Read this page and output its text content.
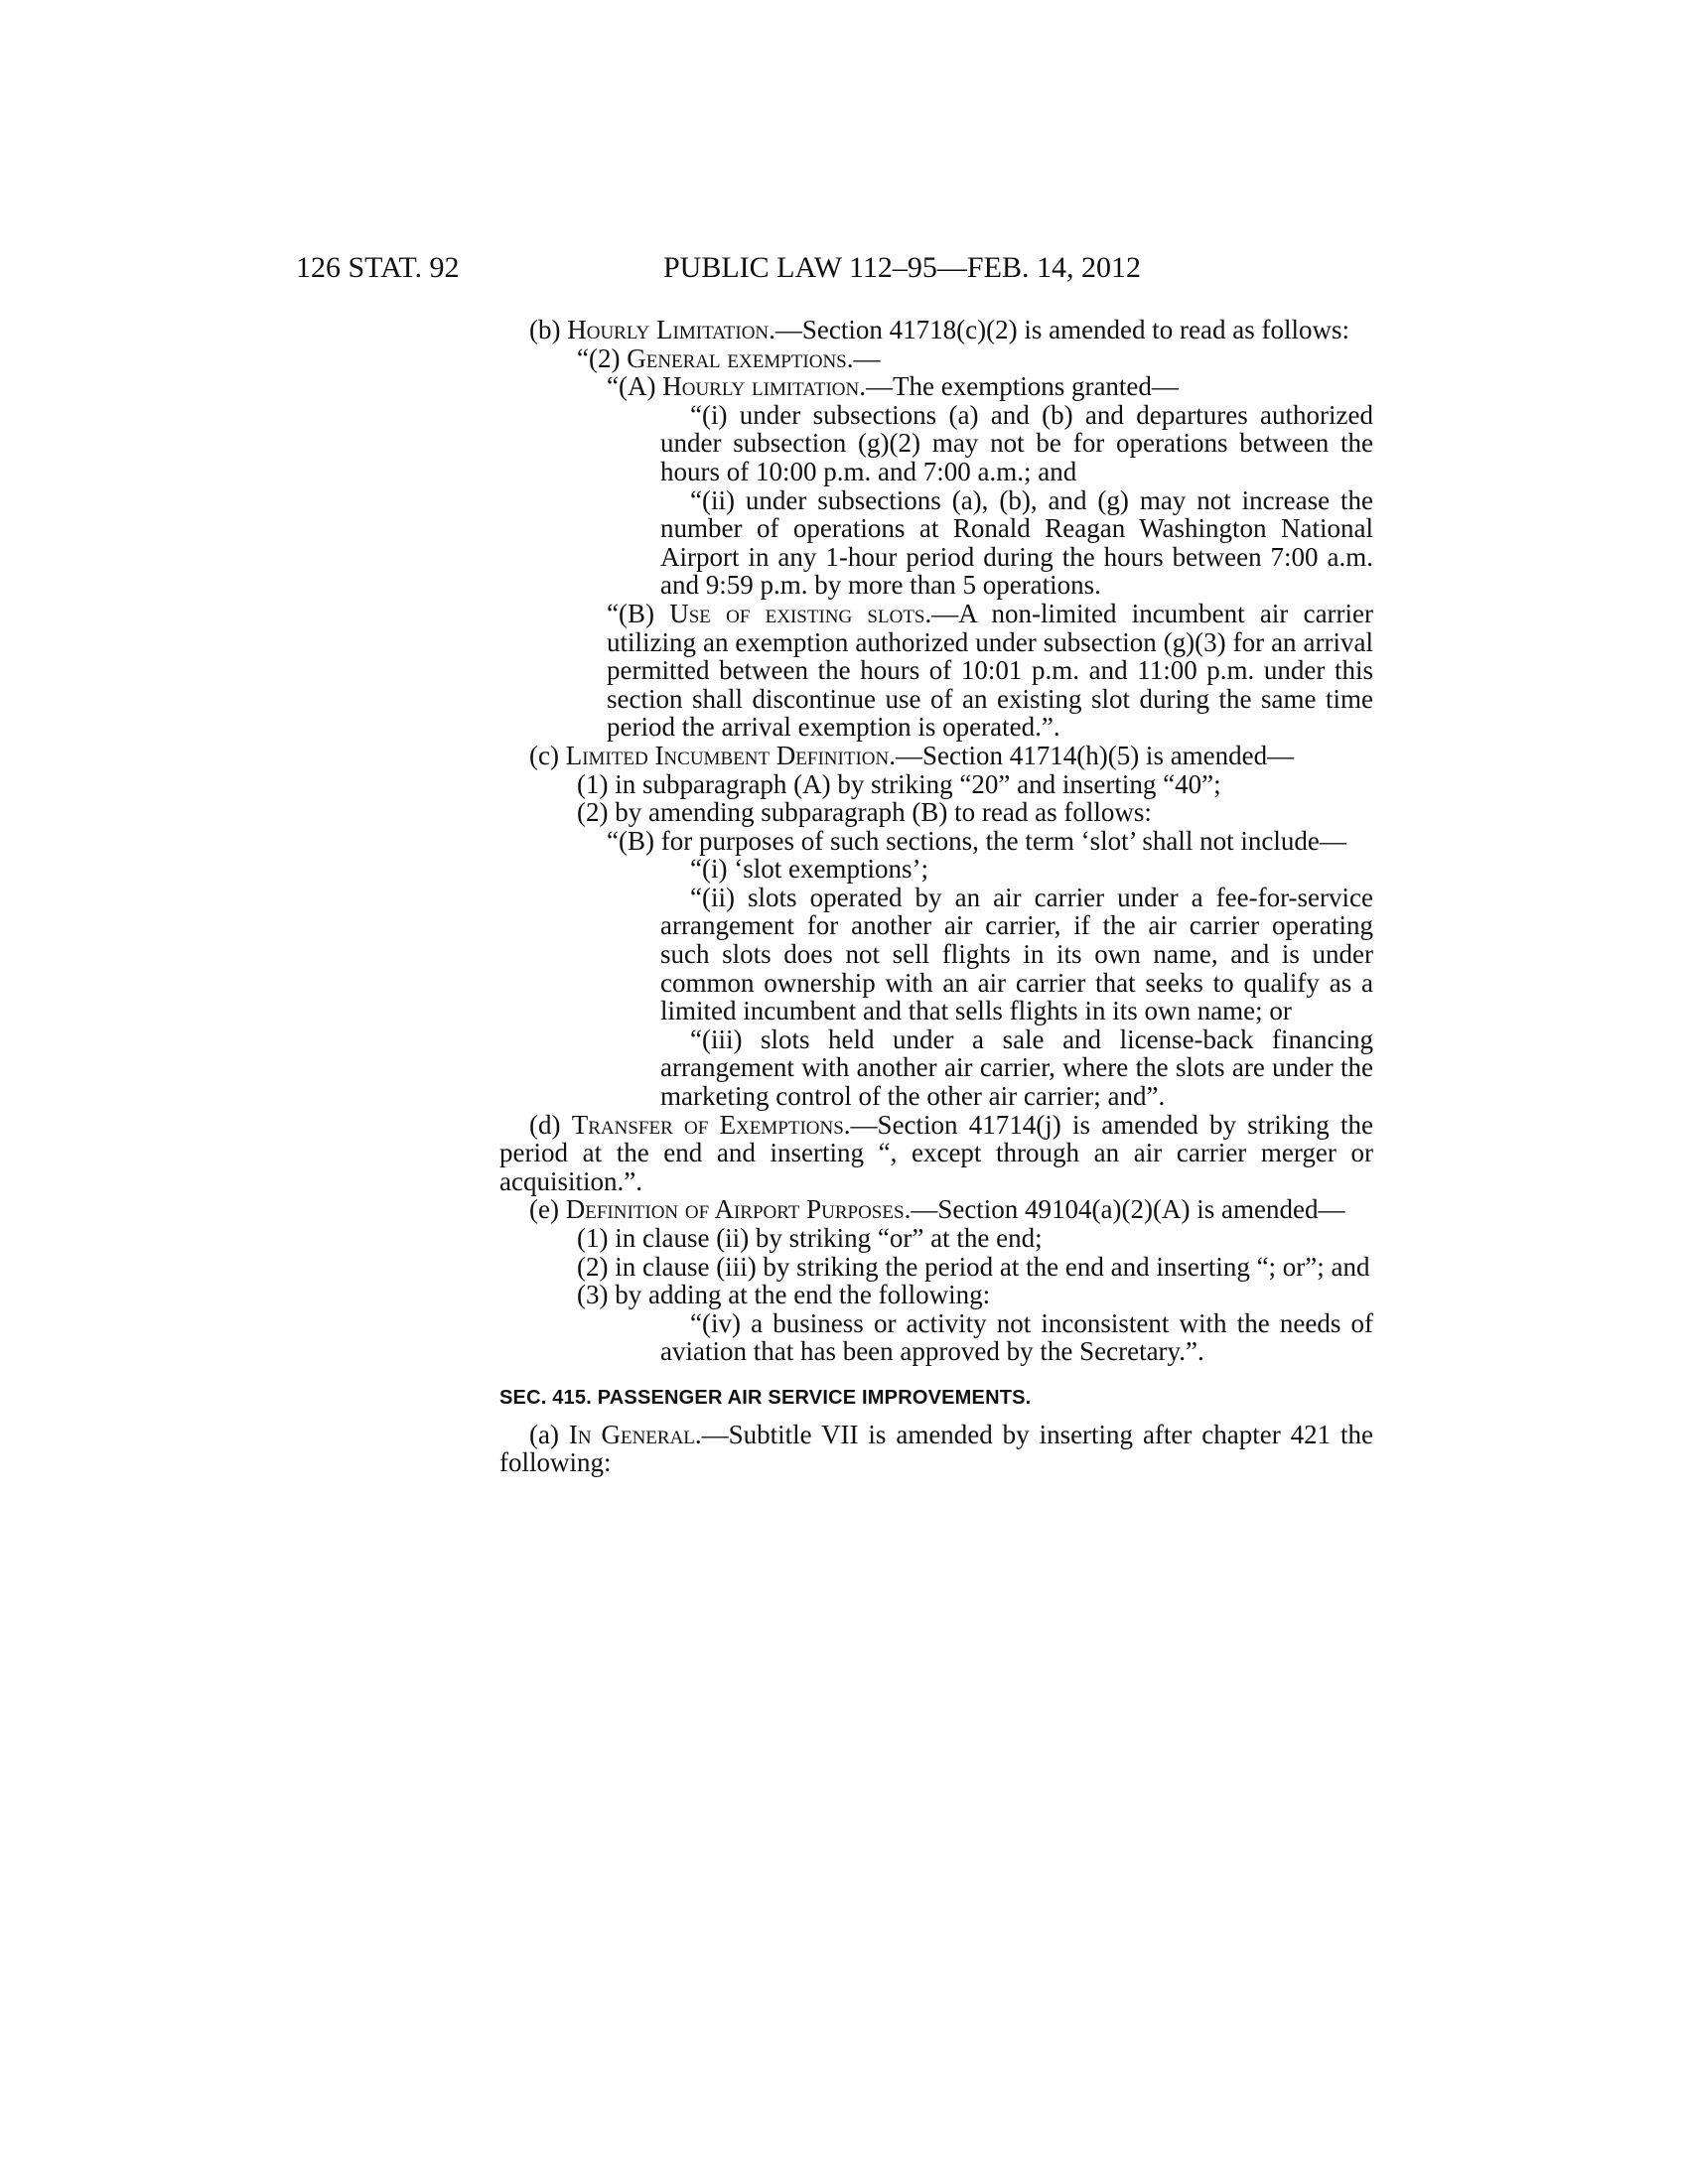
126 STAT. 92	PUBLIC LAW 112–95—FEB. 14, 2012

(b) Hourly Limitation.—Section 41718(c)(2) is amended to read as follows:

“(2) General exemptions.—

“(A) Hourly limitation.—The exemptions granted—

“(i) under subsections (a) and (b) and departures authorized under subsection (g)(2) may not be for operations between the hours of 10:00 p.m. and 7:00 a.m.; and

“(ii) under subsections (a), (b), and (g) may not increase the number of operations at Ronald Reagan Washington National Airport in any 1-hour period during the hours between 7:00 a.m. and 9:59 p.m. by more than 5 operations.

“(B) Use of existing slots.—A non-limited incumbent air carrier utilizing an exemption authorized under subsection (g)(3) for an arrival permitted between the hours of 10:01 p.m. and 11:00 p.m. under this section shall discontinue use of an existing slot during the same time period the arrival exemption is operated.”.

(c) Limited Incumbent Definition.—Section 41714(h)(5) is amended—

(1) in subparagraph (A) by striking “20” and inserting “40”;

(2) by amending subparagraph (B) to read as follows:

“(B) for purposes of such sections, the term ‘slot’ shall not include—

“(i) ‘slot exemptions’;

“(ii) slots operated by an air carrier under a fee-for-service arrangement for another air carrier, if the air carrier operating such slots does not sell flights in its own name, and is under common ownership with an air carrier that seeks to qualify as a limited incumbent and that sells flights in its own name; or

“(iii) slots held under a sale and license-back financing arrangement with another air carrier, where the slots are under the marketing control of the other air carrier; and”.

(d) Transfer of Exemptions.—Section 41714(j) is amended by striking the period at the end and inserting “, except through an air carrier merger or acquisition.”.

(e) Definition of Airport Purposes.—Section 49104(a)(2)(A) is amended—

(1) in clause (ii) by striking “or” at the end;

(2) in clause (iii) by striking the period at the end and inserting “; or”; and

(3) by adding at the end the following:

“(iv) a business or activity not inconsistent with the needs of aviation that has been approved by the Secretary.”.

SEC. 415. PASSENGER AIR SERVICE IMPROVEMENTS.

(a) In General.—Subtitle VII is amended by inserting after chapter 421 the following:
